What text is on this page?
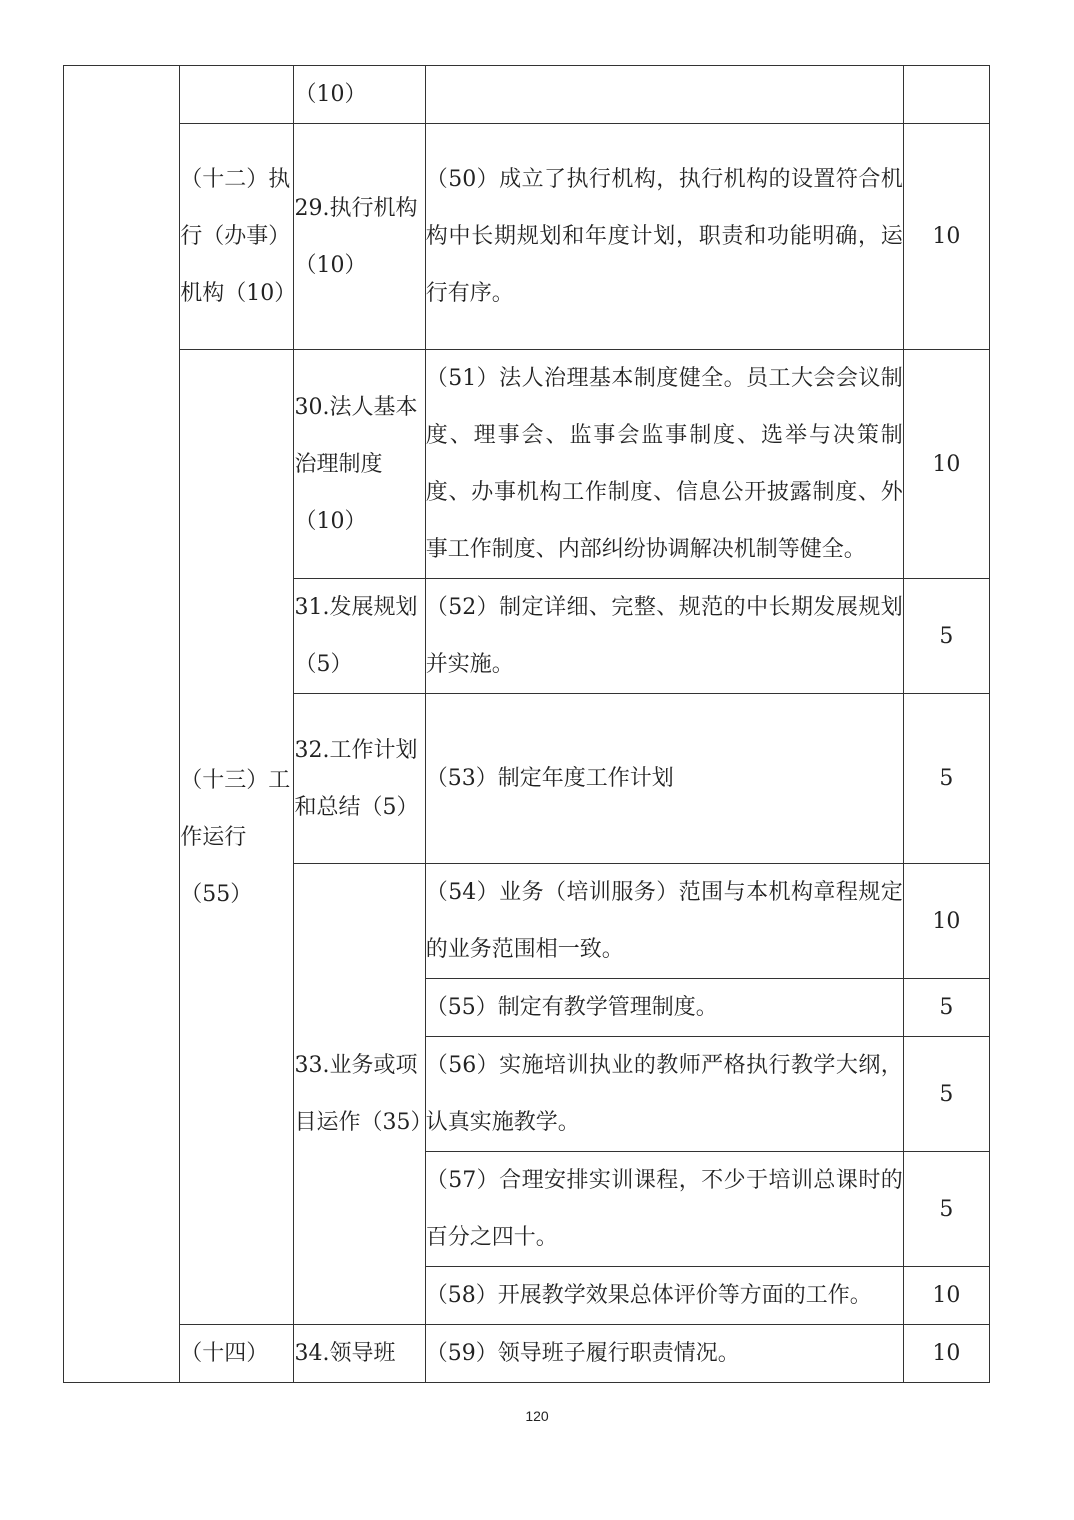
		（10）		
	（十二）执行（办事）机构（10）	29.执行机构（10）	（50）成立了执行机构，执行机构的设置符合机构中长期规划和年度计划，职责和功能明确，运行有序。	10
	（十三）工作运行（55）	30.法人基本治理制度（10）	（51）法人治理基本制度健全。员工大会会议制度、理事会、监事会监事制度、选举与决策制度、办事机构工作制度、信息公开披露制度、外事工作制度、内部纠纷协调解决机制等健全。	10
		31.发展规划（5）	（52）制定详细、完整、规范的中长期发展规划并实施。	5
		32.工作计划和总结（5）	（53）制定年度工作计划	5
		33.业务或项目运作（35）	（54）业务（培训服务）范围与本机构章程规定的业务范围相一致。	10
			（55）制定有教学管理制度。	5
			（56）实施培训执业的教师严格执行教学大纲，认真实施教学。	5
			（57）合理安排实训课程，不少于培训总课时的百分之四十。	5
			（58）开展教学效果总体评价等方面的工作。	10
	（十四）	34.领导班	（59）领导班子履行职责情况。	10
120
